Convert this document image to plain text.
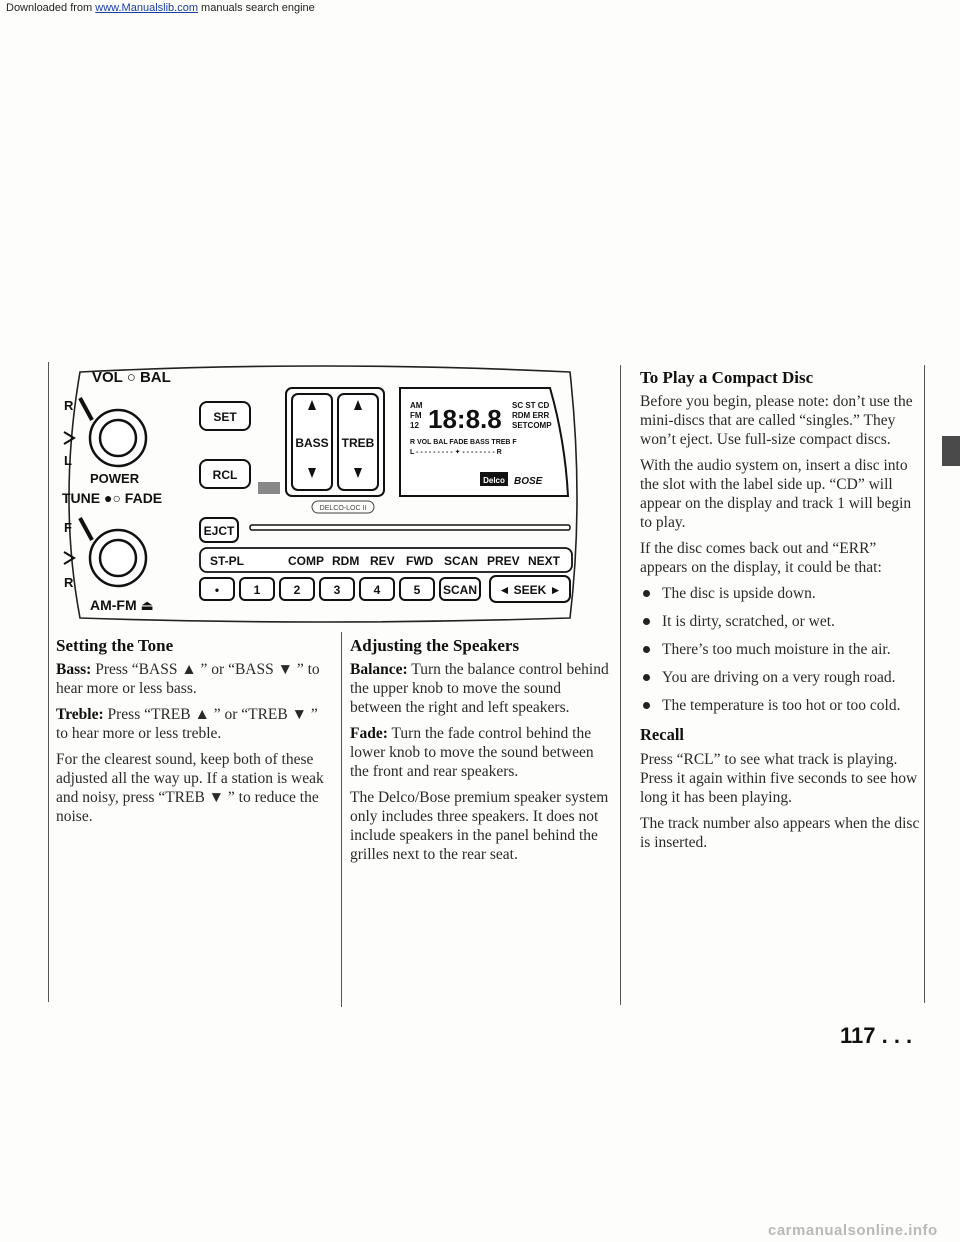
Downloaded from www.Manualslib.com manuals search engine
VOL ○ BAL
R
L
POWER
TUNE ●○ FADE
F
R
AM-FM ⏏
SET
RCL
BASS TREB
AM
FM
12 18:8.8 SC ST CD
RDM ERR
SETCOMP
R VOL BAL FADE BASS TREB F
L - - - - - - - - - ✦ - - - - - - - - R
Delco BOSE
DELCO-LOC II
EJCT
ST-PL	COMP RDM REV FWD SCAN PREV NEXT
•	1	2	3	4	5 SCAN ◄ SEEK ►
Setting the Tone

Bass: Press “BASS ▲ ” or “BASS ▼ ” to hear more or less bass.

Treble: Press “TREB ▲ ” or “TREB ▼ ” to hear more or less treble.

For the clearest sound, keep both of these adjusted all the way up. If a station is weak and noisy, press “TREB ▼ ” to reduce the noise.

Adjusting the Speakers

Balance: Turn the balance control behind the upper knob to move the sound between the right and left speakers.

Fade: Turn the fade control behind the lower knob to move the sound between the front and rear speakers.

The Delco/Bose premium speaker system only includes three speakers. It does not include speakers in the panel behind the grilles next to the rear seat.

To Play a Compact Disc

Before you begin, please note: don’t use the mini-discs that are called “singles.” They won’t eject. Use full-size compact discs.

With the audio system on, insert a disc into the slot with the label side up. “CD” will appear on the display and track 1 will begin to play.

If the disc comes back out and “ERR” appears on the display, it could be that:

The disc is upside down.
It is dirty, scratched, or wet.
There’s too much moisture in the air.
You are driving on a very rough road.
The temperature is too hot or too cold.
Recall

Press “RCL” to see what track is playing. Press it again within five seconds to see how long it has been playing.

The track number also appears when the disc is inserted.

117 . . .
carmanualsonline.info
